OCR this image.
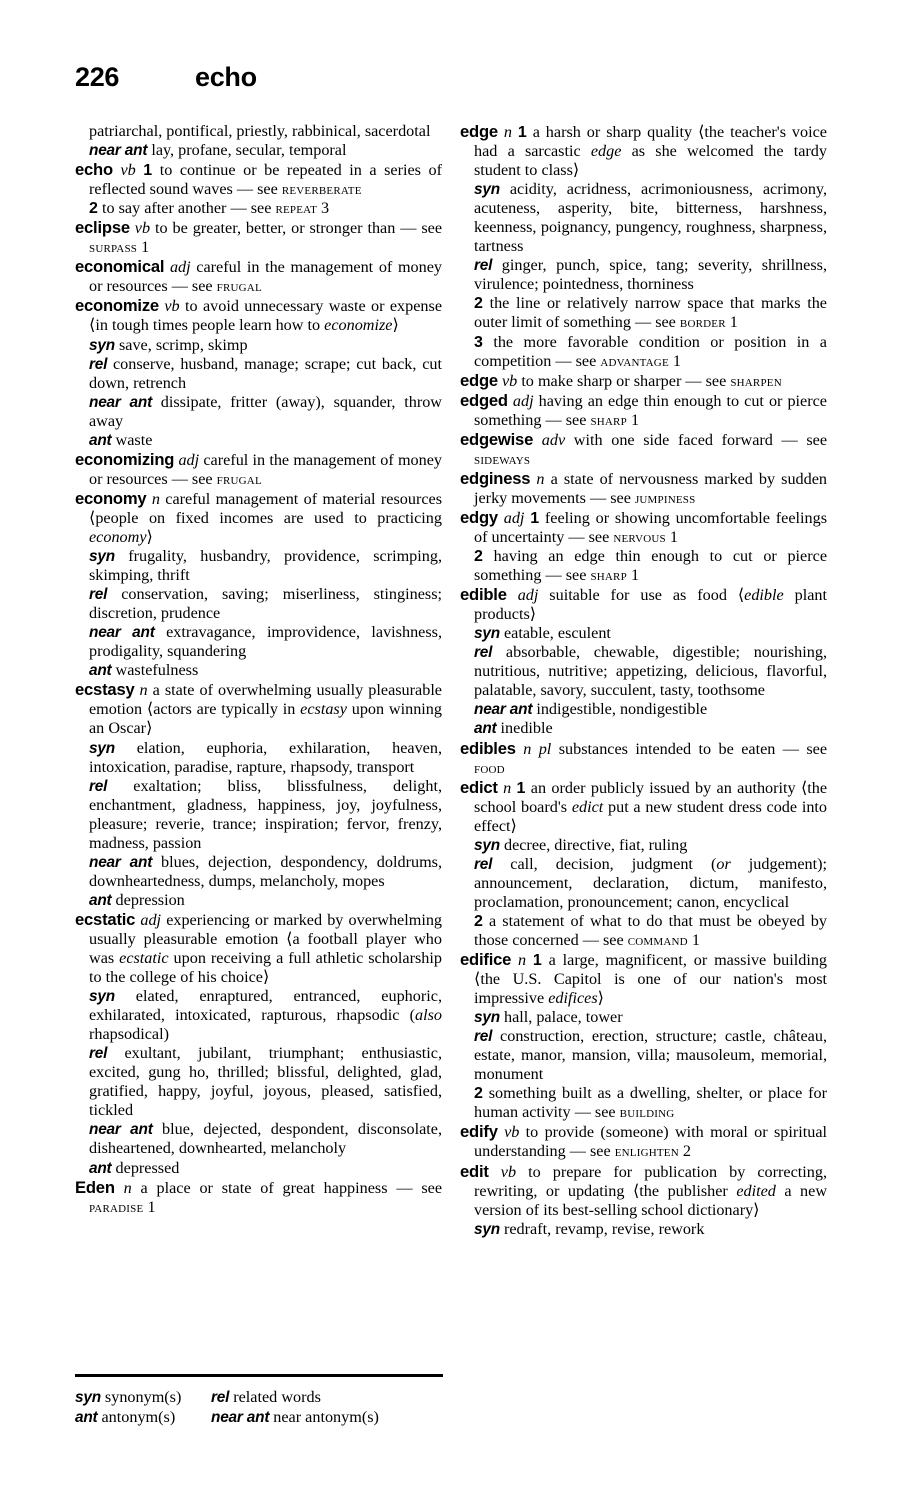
226	echo

patriarchal, pontifical, priestly, rabbinical, sacerdotal

near ant lay, profane, secular, temporal

echo vb 1 to continue or be repeated in a series of reflected sound waves — see reverberate

2 to say after another — see repeat 3

eclipse vb to be greater, better, or stronger than — see surpass 1

economical adj careful in the management of money or resources — see frugal

economize vb to avoid unnecessary waste or expense ⟨in tough times people learn how to economize⟩

syn save, scrimp, skimp

rel conserve, husband, manage; scrape; cut back, cut down, retrench

near ant dissipate, fritter (away), squander, throw away

ant waste

economizing adj careful in the management of money or resources — see frugal

economy n careful management of material resources ⟨people on fixed incomes are used to practicing economy⟩

syn frugality, husbandry, providence, scrimping, skimping, thrift

rel conservation, saving; miserliness, stinginess; discretion, prudence

near ant extravagance, improvidence, lavishness, prodigality, squandering

ant wastefulness

ecstasy n a state of overwhelming usually pleasurable emotion ⟨actors are typically in ecstasy upon winning an Oscar⟩

syn elation, euphoria, exhilaration, heaven, intoxication, paradise, rapture, rhapsody, transport

rel exaltation; bliss, blissfulness, delight, enchantment, gladness, happiness, joy, joyfulness, pleasure; reverie, trance; inspiration; fervor, frenzy, madness, passion

near ant blues, dejection, despondency, doldrums, downheartedness, dumps, melancholy, mopes

ant depression

ecstatic adj experiencing or marked by overwhelming usually pleasurable emotion ⟨a football player who was ecstatic upon receiving a full athletic scholarship to the college of his choice⟩

syn elated, enraptured, entranced, euphoric, exhilarated, intoxicated, rapturous, rhapsodic (also rhapsodical)

rel exultant, jubilant, triumphant; enthusiastic, excited, gung ho, thrilled; blissful, delighted, glad, gratified, happy, joyful, joyous, pleased, satisfied, tickled

near ant blue, dejected, despondent, disconsolate, disheartened, downhearted, melancholy

ant depressed

Eden n a place or state of great happiness — see paradise 1

edge n 1 a harsh or sharp quality ⟨the teacher's voice had a sarcastic edge as she welcomed the tardy student to class⟩

syn acidity, acridness, acrimoniousness, acrimony, acuteness, asperity, bite, bitterness, harshness, keenness, poignancy, pungency, roughness, sharpness, tartness

rel ginger, punch, spice, tang; severity, shrillness, virulence; pointedness, thorniness

2 the line or relatively narrow space that marks the outer limit of something — see border 1

3 the more favorable condition or position in a competition — see advantage 1

edge vb to make sharp or sharper — see sharpen

edged adj having an edge thin enough to cut or pierce something — see sharp 1

edgewise adv with one side faced forward — see sideways

edginess n a state of nervousness marked by sudden jerky movements — see jumpiness

edgy adj 1 feeling or showing uncomfortable feelings of uncertainty — see nervous 1

2 having an edge thin enough to cut or pierce something — see sharp 1

edible adj suitable for use as food ⟨edible plant products⟩

syn eatable, esculent

rel absorbable, chewable, digestible; nourishing, nutritious, nutritive; appetizing, delicious, flavorful, palatable, savory, succulent, tasty, toothsome

near ant indigestible, nondigestible

ant inedible

edibles n pl substances intended to be eaten — see food

edict n 1 an order publicly issued by an authority ⟨the school board's edict put a new student dress code into effect⟩

syn decree, directive, fiat, ruling

rel call, decision, judgment (or judgement); announcement, declaration, dictum, manifesto, proclamation, pronouncement; canon, encyclical

2 a statement of what to do that must be obeyed by those concerned — see command 1

edifice n 1 a large, magnificent, or massive building ⟨the U.S. Capitol is one of our nation's most impressive edifices⟩

syn hall, palace, tower

rel construction, erection, structure; castle, château, estate, manor, mansion, villa; mausoleum, memorial, monument

2 something built as a dwelling, shelter, or place for human activity — see building

edify vb to provide (someone) with moral or spiritual understanding — see enlighten 2

edit vb to prepare for publication by correcting, rewriting, or updating ⟨the publisher edited a new version of its best-selling school dictionary⟩

syn redraft, revamp, revise, rework

syn synonym(s)	rel related words
ant antonym(s)	near ant near antonym(s)
